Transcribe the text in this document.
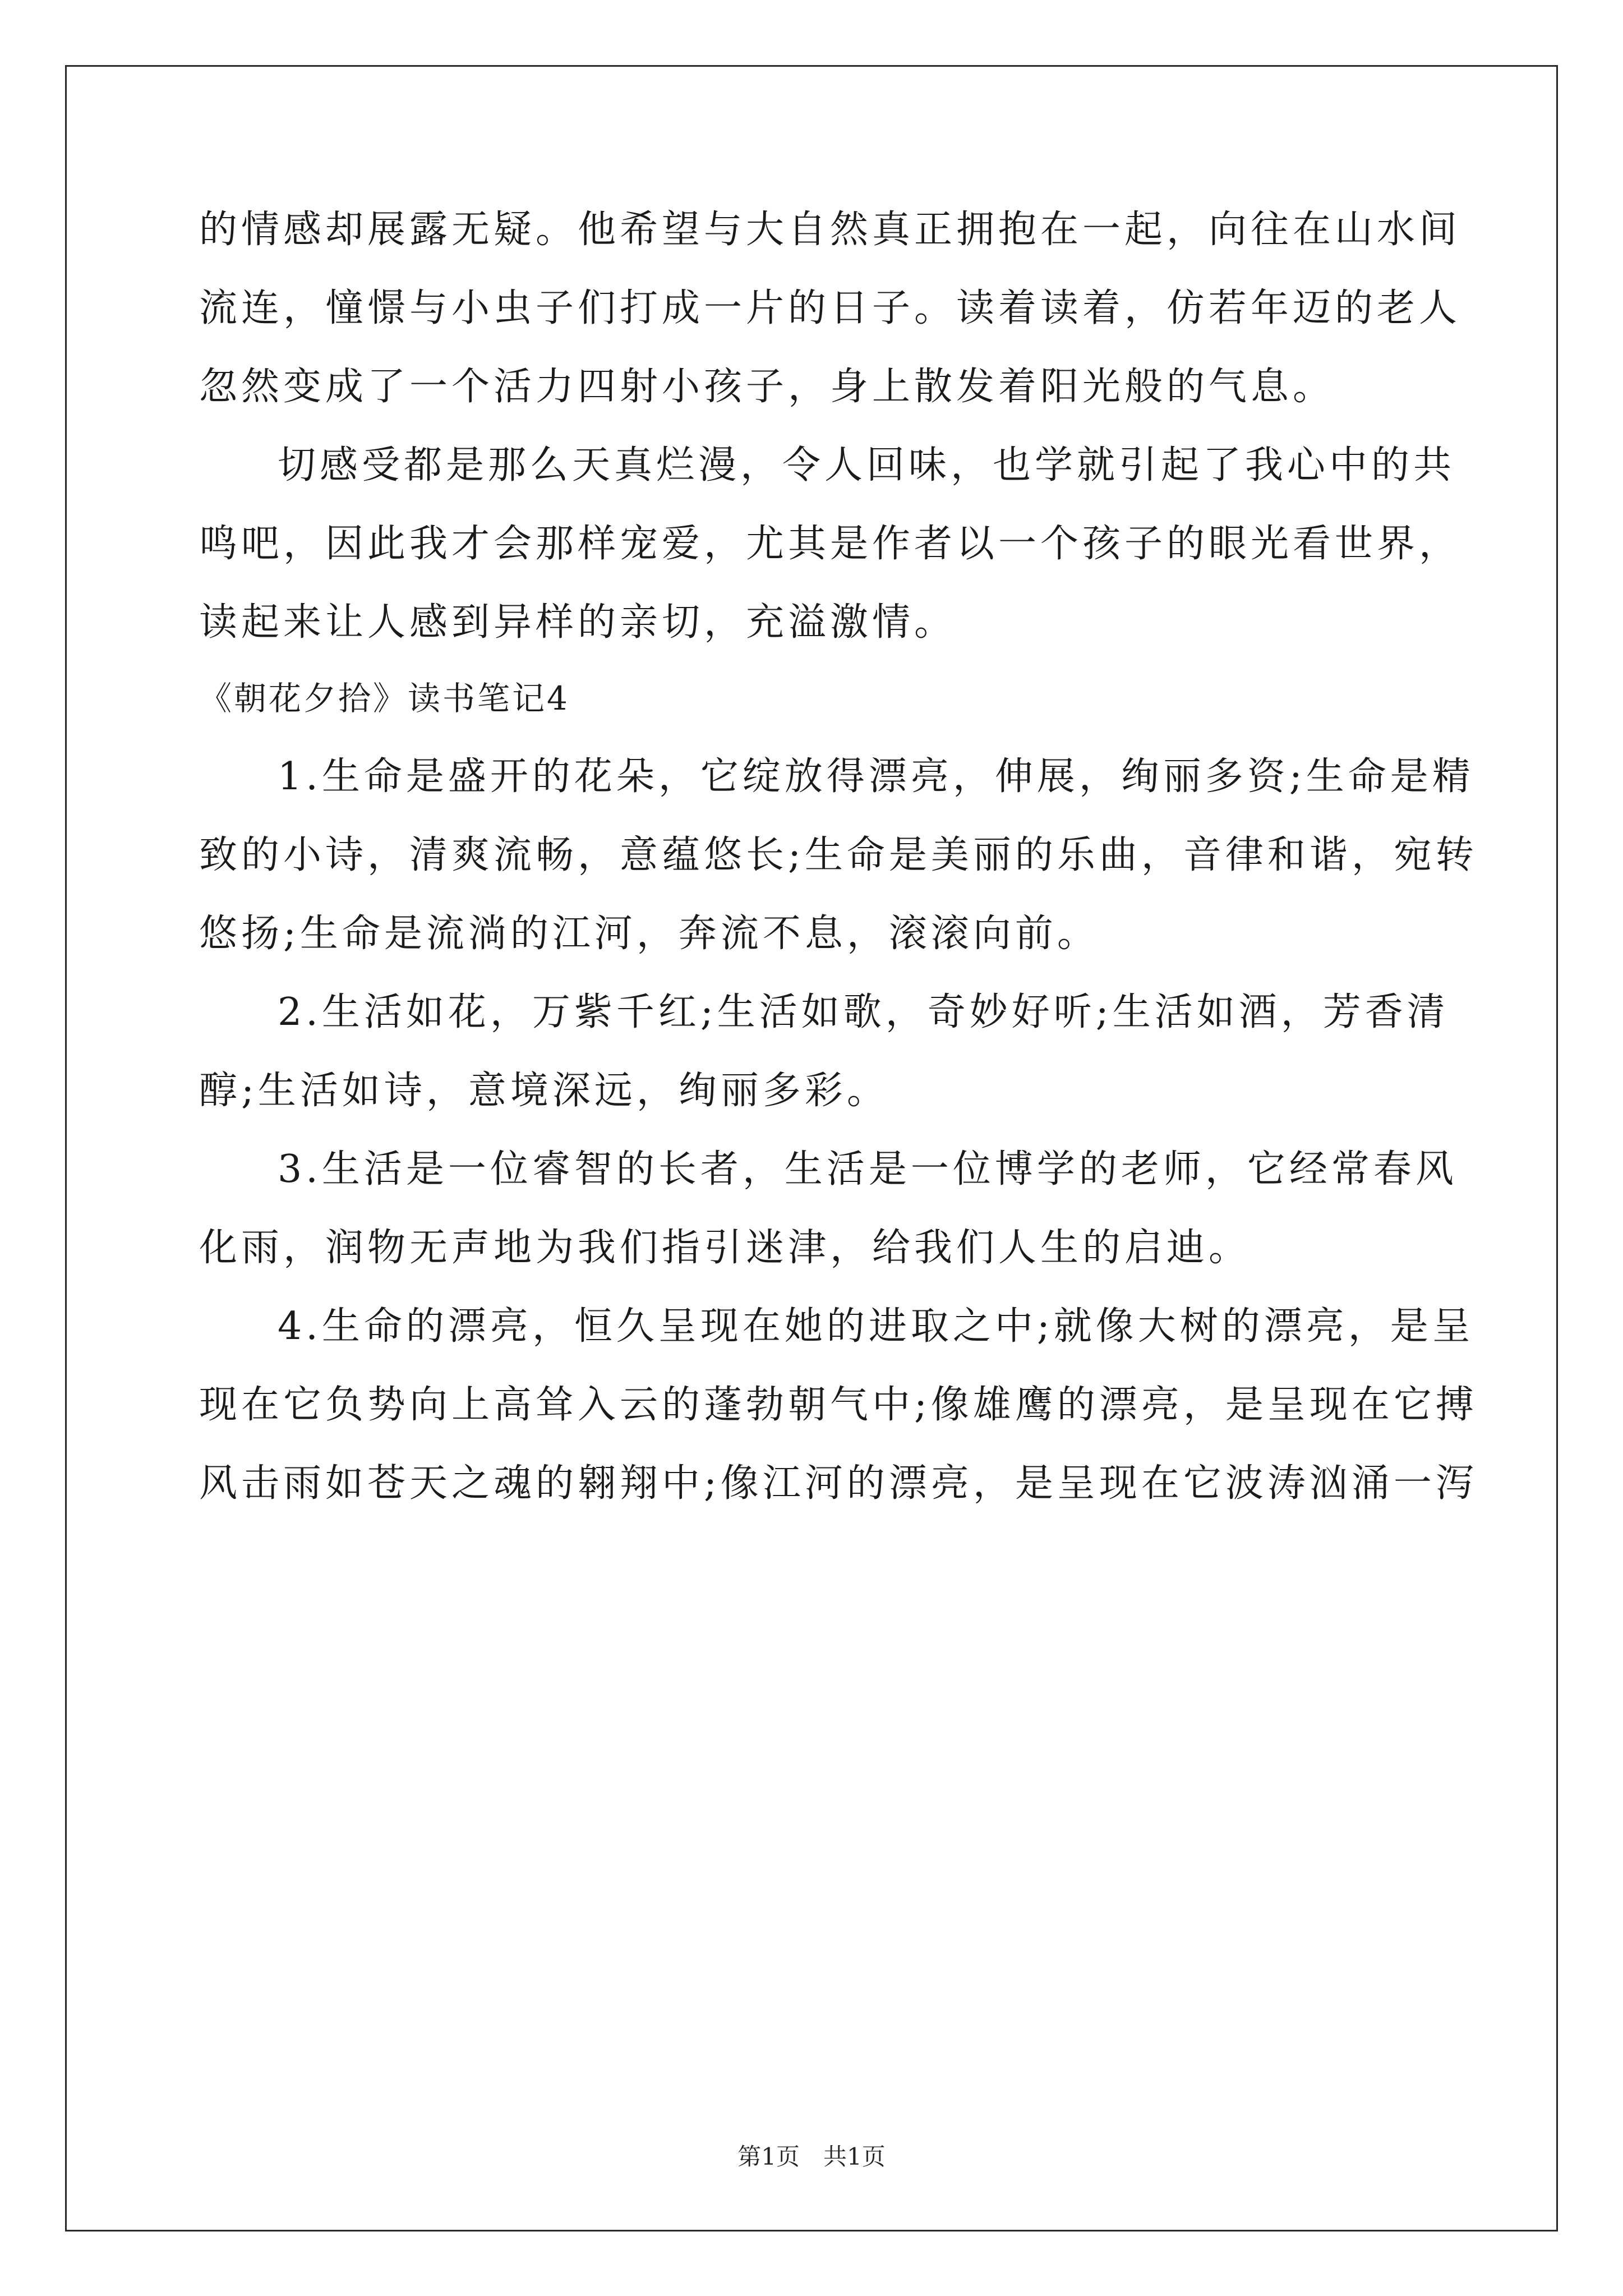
的情感却展露无疑。他希望与大自然真正拥抱在一起，向往在山水间
流连，憧憬与小虫子们打成一片的日子。读着读着，仿若年迈的老人
忽然变成了一个活力四射小孩子，身上散发着阳光般的气息。
切感受都是那么天真烂漫，令人回味，也学就引起了我心中的共
鸣吧，因此我才会那样宠爱，尤其是作者以一个孩子的眼光看世界，
读起来让人感到异样的亲切，充溢激情。
《朝花夕拾》读书笔记4
1.生命是盛开的花朵，它绽放得漂亮，伸展，绚丽多资;生命是精
致的小诗，清爽流畅，意蕴悠长;生命是美丽的乐曲，音律和谐，宛转
悠扬;生命是流淌的江河，奔流不息，滚滚向前。
2.生活如花，万紫千红;生活如歌，奇妙好听;生活如酒，芳香清
醇;生活如诗，意境深远，绚丽多彩。
3.生活是一位睿智的长者，生活是一位博学的老师，它经常春风
化雨，润物无声地为我们指引迷津，给我们人生的启迪。
4.生命的漂亮，恒久呈现在她的进取之中;就像大树的漂亮，是呈
现在它负势向上高耸入云的蓬勃朝气中;像雄鹰的漂亮，是呈现在它搏
风击雨如苍天之魂的翱翔中;像江河的漂亮，是呈现在它波涛汹涌一泻
第1页　共1页
